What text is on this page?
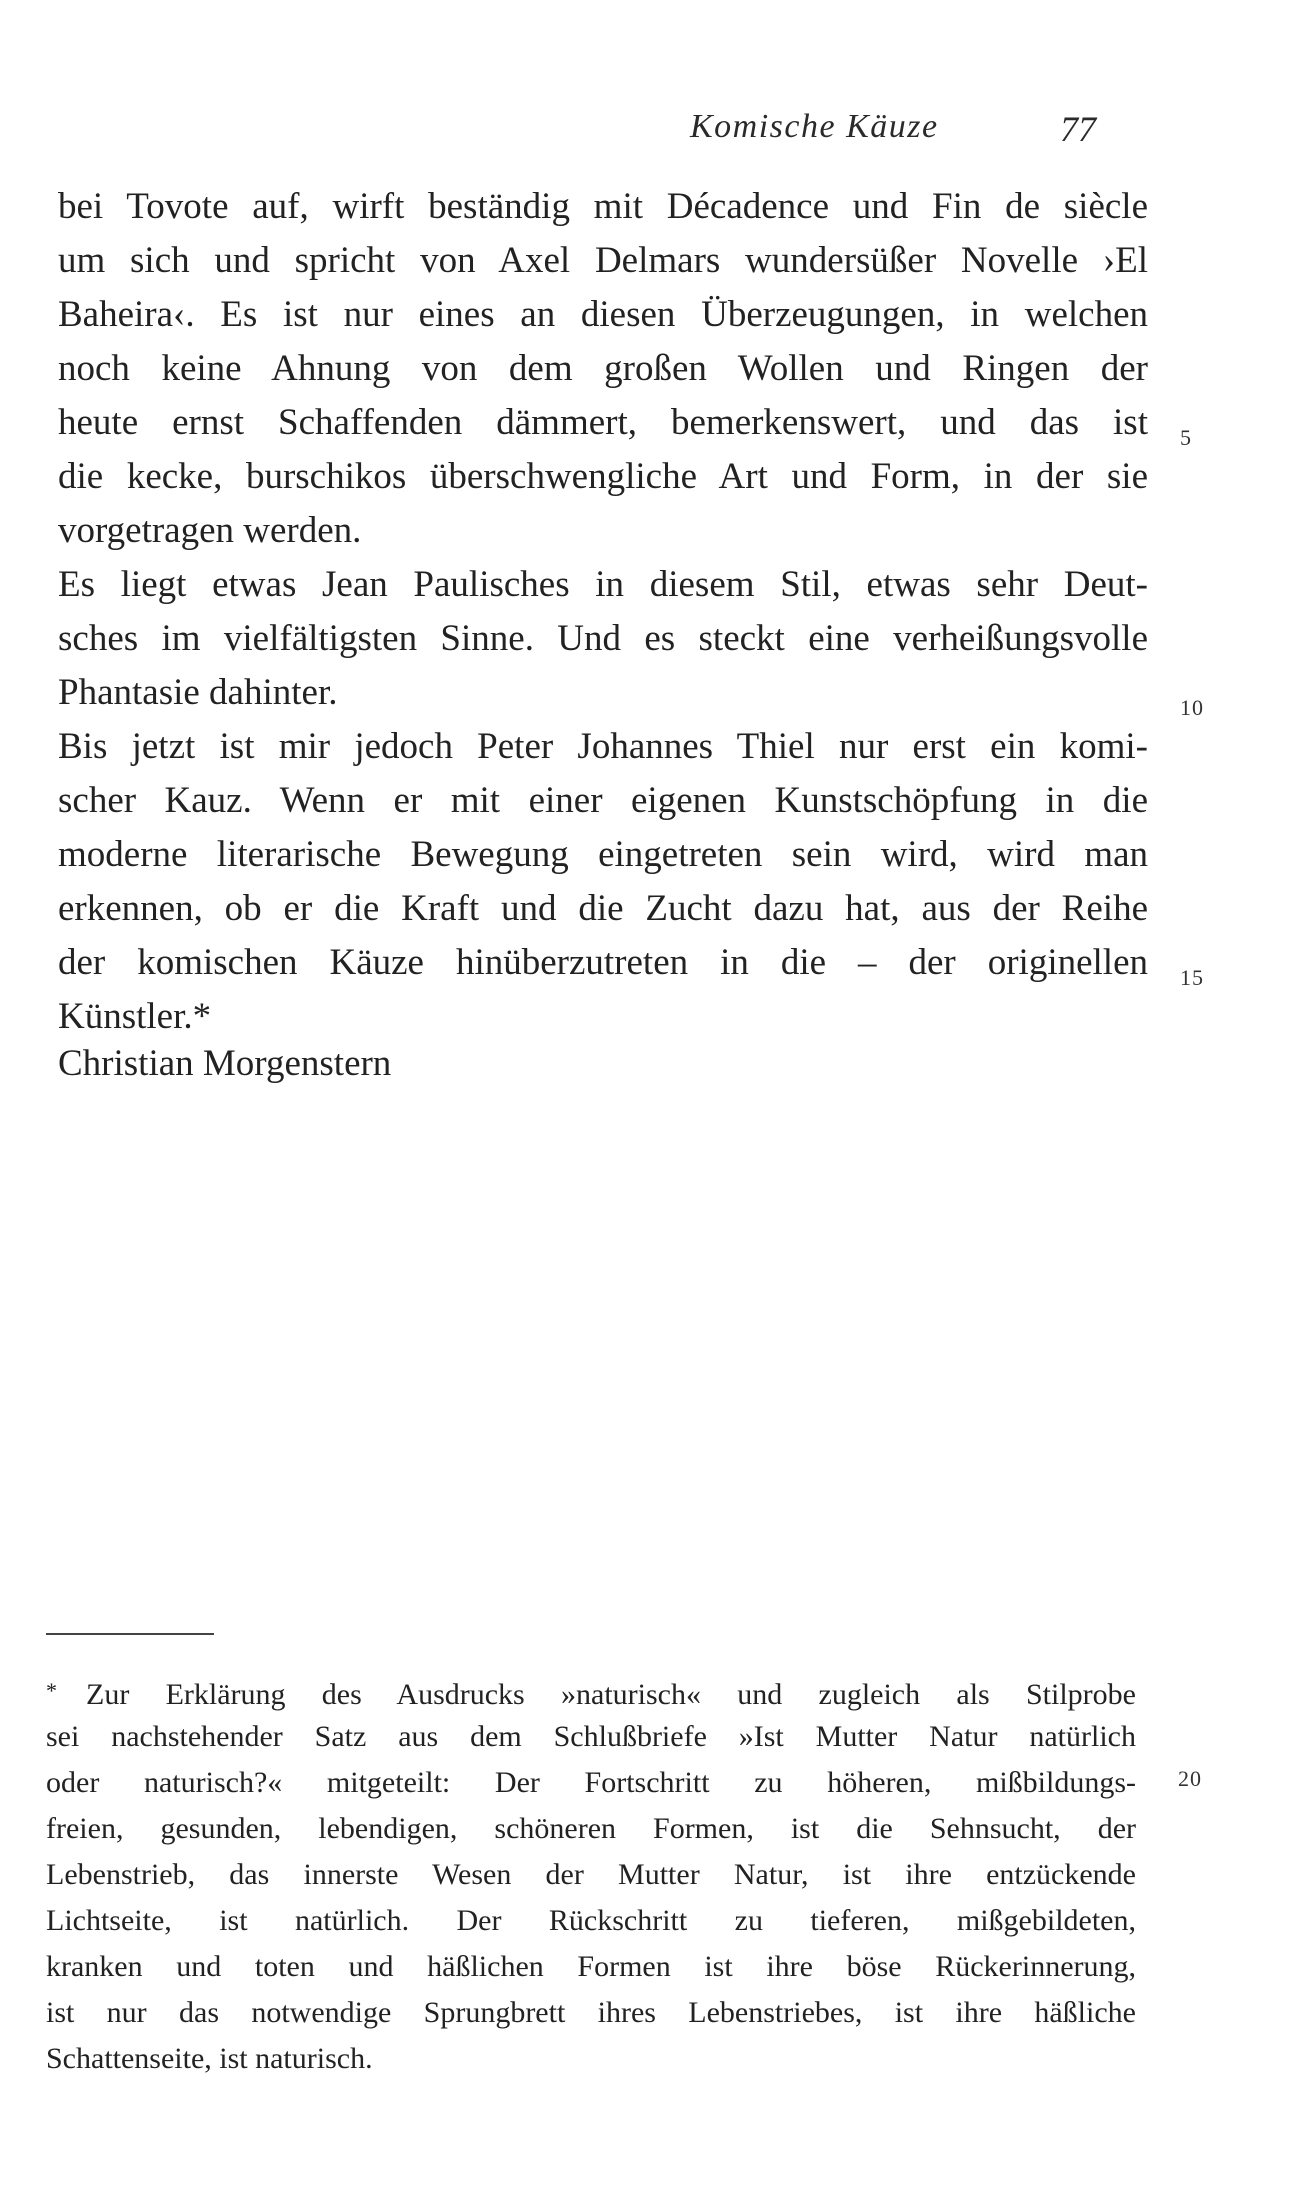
Komische Käuze	77
bei Tovote auf, wirft beständig mit Décadence und Fin de siècle
um sich und spricht von Axel Delmars wundersüßer Novelle ›El
Baheira‹. Es ist nur eines an diesen Überzeugungen, in welchen
noch keine Ahnung von dem großen Wollen und Ringen der
heute ernst Schaffenden dämmert, bemerkenswert, und das ist
die kecke, burschikos überschwengliche Art und Form, in der sie
vorgetragen werden.
Es liegt etwas Jean Paulisches in diesem Stil, etwas sehr Deut-
sches im vielfältigsten Sinne. Und es steckt eine verheißungsvolle
Phantasie dahinter.
Bis jetzt ist mir jedoch Peter Johannes Thiel nur erst ein komi-
scher Kauz. Wenn er mit einer eigenen Kunstschöpfung in die
moderne literarische Bewegung eingetreten sein wird, wird man
erkennen, ob er die Kraft und die Zucht dazu hat, aus der Reihe
der komischen Käuze hinüberzutreten in die – der originellen
Künstler.*
5
10
15
Christian Morgenstern
* Zur Erklärung des Ausdrucks »naturisch« und zugleich als Stilprobe
sei nachstehender Satz aus dem Schlußbriefe »Ist Mutter Natur natürlich
oder naturisch?« mitgeteilt: Der Fortschritt zu höheren, mißbildungs-
freien, gesunden, lebendigen, schöneren Formen, ist die Sehnsucht, der
Lebenstrieb, das innerste Wesen der Mutter Natur, ist ihre entzückende
Lichtseite, ist natürlich. Der Rückschritt zu tieferen, mißgebildeten,
kranken und toten und häßlichen Formen ist ihre böse Rückerinnerung,
ist nur das notwendige Sprungbrett ihres Lebenstriebes, ist ihre häßliche
Schattenseite, ist naturisch.
20
